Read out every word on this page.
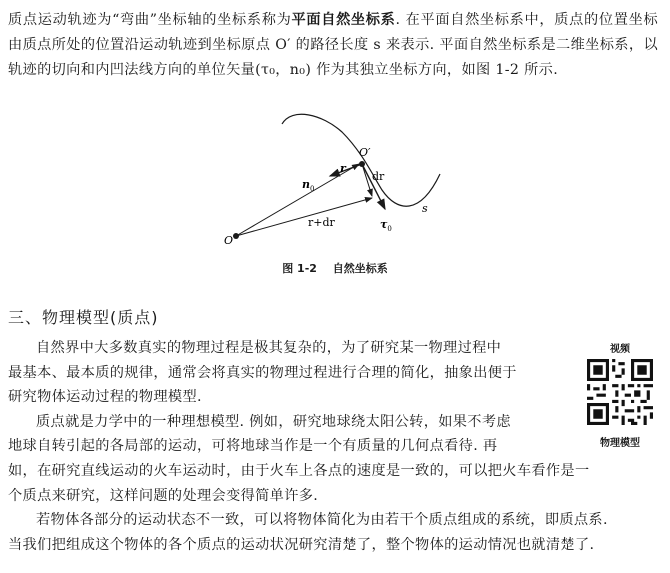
质点运动轨迹为“弯曲”坐标轴的坐标系称为平面自然坐标系. 在平面自然坐标系中，质点的位置坐标由质点所处的位置沿运动轨迹到坐标原点 O′ 的路径长度 s 来表示. 平面自然坐标系是二维坐标系，以轨迹的切向和内凹法线方向的单位矢量(τ₀，n₀) 作为其独立坐标方向，如图 1-2 所示.

O′
$n_0$
r
dr
r+dr
s
$\tau_0$
O
图 1-2 自然坐标系
三、物理模型(质点)
自然界中大多数真实的物理过程是极其复杂的，为了研究某一物理过程中
最基本、最本质的规律，通常会将真实的物理过程进行合理的简化，抽象出便于
研究物体运动过程的物理模型.
质点就是力学中的一种理想模型. 例如，研究地球绕太阳公转，如果不考虑
地球自转引起的各局部的运动，可将地球当作是一个有质量的几何点看待. 再
如，在研究直线运动的火车运动时，由于火车上各点的速度是一致的，可以把火车看作是一
个质点来研究，这样问题的处理会变得简单许多.
若物体各部分的运动状态不一致，可以将物体简化为由若干个质点组成的系统，即质点系.
当我们把组成这个物体的各个质点的运动状况研究清楚了，整个物体的运动情况也就清楚了.
视频
物理模型
